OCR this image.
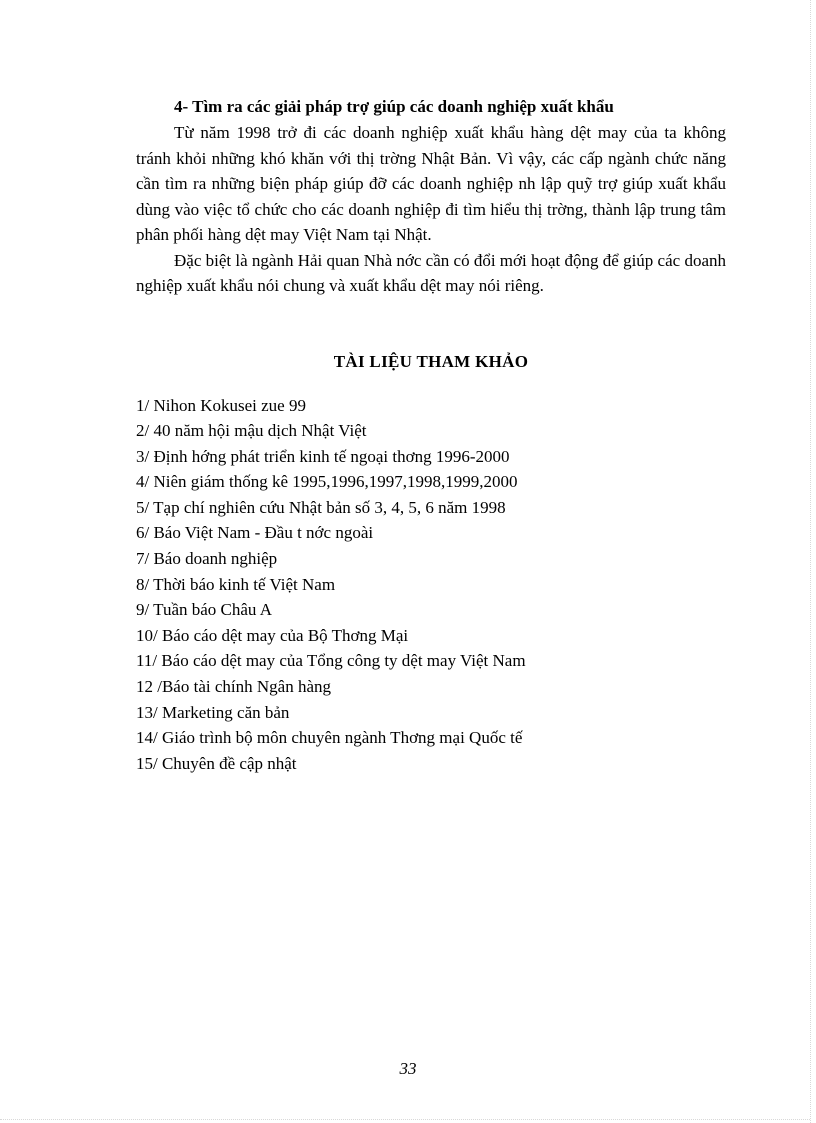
4- Tìm ra các giải pháp trợ giúp các doanh nghiệp xuất khẩu

Từ năm 1998 trở đi các doanh nghiệp xuất khẩu hàng dệt may của ta không tránh khỏi những khó khăn với thị trờng Nhật Bản. Vì vậy, các cấp ngành chức năng cần tìm ra những biện pháp giúp đỡ các doanh nghiệp nh lập quỹ trợ giúp xuất khẩu dùng vào việc tổ chức cho các doanh nghiệp đi tìm hiểu thị trờng, thành lập trung tâm phân phối hàng dệt may Việt Nam tại Nhật.

Đặc biệt là ngành Hải quan Nhà nớc cần có đổi mới hoạt động để giúp các doanh nghiệp xuất khẩu nói chung và xuất khẩu dệt may nói riêng.

TÀI LIỆU THAM KHẢO
1/ Nihon Kokusei zue 99
2/ 40 năm hội mậu dịch Nhật Việt
3/ Định hớng phát triển kinh tế ngoại thơng 1996-2000
4/ Niên giám thống kê 1995,1996,1997,1998,1999,2000
5/ Tạp chí nghiên cứu Nhật bản số 3, 4, 5, 6 năm 1998
6/ Báo Việt Nam - Đầu t nớc ngoài
7/ Báo doanh nghiệp
8/ Thời báo kinh tế Việt Nam
9/ Tuần báo Châu A
10/ Báo cáo dệt may của Bộ Thơng Mại
11/ Báo cáo dệt may của Tổng công ty dệt may Việt Nam
12 /Báo tài chính Ngân hàng
13/ Marketing căn bản
14/ Giáo trình bộ môn chuyên ngành Thơng mại Quốc tế
15/ Chuyên đề cập nhật
33
